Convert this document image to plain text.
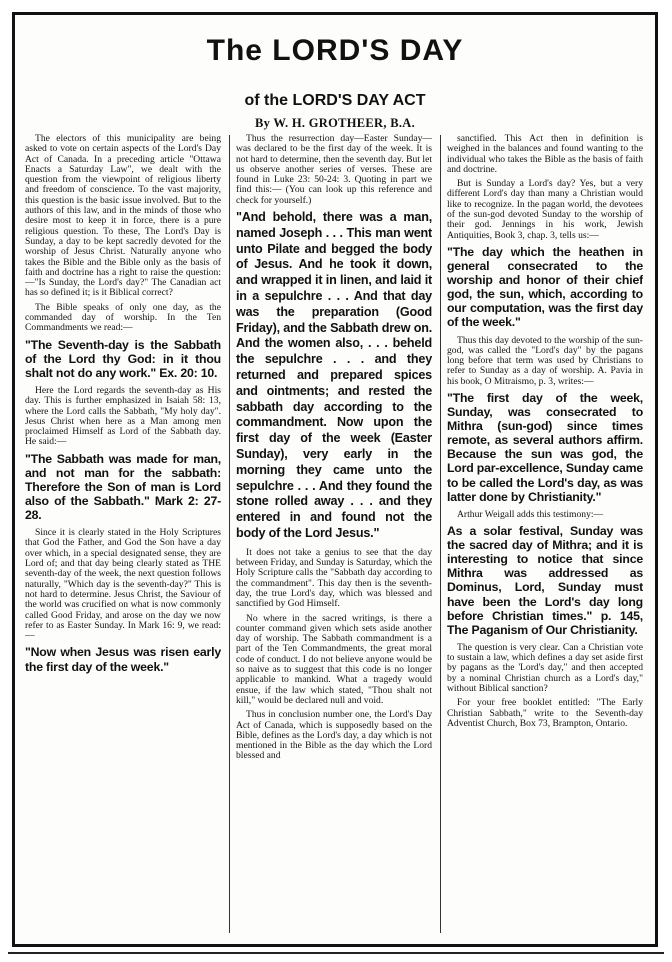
The LORD'S DAY
of the LORD'S DAY ACT
By W. H. GROTHEER, B.A.

The electors of this municipality are being asked to vote on certain aspects of the Lord's Day Act of Canada. In a preceding article "Ottawa Enacts a Saturday Law", we dealt with the question from the viewpoint of religious liberty and freedom of conscience. To the vast majority, this question is the basic issue involved. But to the authors of this law, and in the minds of those who desire most to keep it in force, there is a pure religious question. To these, The Lord's Day is Sunday, a day to be kept sacredly devoted for the worship of Jesus Christ. Naturally anyone who takes the Bible and the Bible only as the basis of faith and doctrine has a right to raise the question:—"Is Sunday, the Lord's day?" The Canadian act has so defined it; is it Biblical correct?

The Bible speaks of only one day, as the commanded day of worship. In the Ten Commandments we read:—

"The Seventh-day is the Sabbath of the Lord thy God: in it thou shalt not do any work." Ex. 20: 10.

Here the Lord regards the seventh-day as His day. This is further emphasized in Isaiah 58: 13, where the Lord calls the Sabbath, "My holy day". Jesus Christ when here as a Man among men proclaimed Himself as Lord of the Sabbath day. He said:—

"The Sabbath was made for man, and not man for the sabbath: Therefore the Son of man is Lord also of the Sabbath." Mark 2: 27-28.

Since it is clearly stated in the Holy Scriptures that God the Father, and God the Son have a day over which, in a special designated sense, they are Lord of; and that day being clearly stated as THE seventh-day of the week, the next question follows naturally, "Which day is the seventh-day?" This is not hard to determine. Jesus Christ, the Saviour of the world was crucified on what is now commonly called Good Friday, and arose on the day we now refer to as Easter Sunday. In Mark 16: 9, we read:—

"Now when Jesus was risen early the first day of the week."

Thus the resurrection day—Easter Sunday—was declared to be the first day of the week. It is not hard to determine, then the seventh day. But let us observe another series of verses. These are found in Luke 23: 50-24: 3. Quoting in part we find this:— (You can look up this reference and check for yourself.)

"And behold, there was a man, named Joseph . . . This man went unto Pilate and begged the body of Jesus. And he took it down, and wrapped it in linen, and laid it in a sepulchre . . . And that day was the preparation (Good Friday), and the Sabbath drew on. And the women also, . . . beheld the sepulchre . . . and they returned and prepared spices and ointments; and rested the sabbath day according to the commandment. Now upon the first day of the week (Easter Sunday), very early in the morning they came unto the sepulchre . . . And they found the stone rolled away . . . and they entered in and found not the body of the Lord Jesus."

It does not take a genius to see that the day between Friday, and Sunday is Saturday, which the Holy Scripture calls the "Sabbath day according to the commandment". This day then is the seventh-day, the true Lord's day, which was blessed and sanctified by God Himself.

No where in the sacred writings, is there a counter command given which sets aside another day of worship. The Sabbath commandment is a part of the Ten Commandments, the great moral code of conduct. I do not believe anyone would be so naive as to suggest that this code is no longer applicable to mankind. What a tragedy would ensue, if the law which stated, "Thou shalt not kill," would be declared null and void.

Thus in conclusion number one, the Lord's Day Act of Canada, which is supposedly based on the Bible, defines as the Lord's day, a day which is not mentioned in the Bible as the day which the Lord blessed and

sanctified. This Act then in definition is weighed in the balances and found wanting to the individual who takes the Bible as the basis of faith and doctrine.

But is Sunday a Lord's day? Yes, but a very different Lord's day than many a Christian would like to recognize. In the pagan world, the devotees of the sun-god devoted Sunday to the worship of their god. Jennings in his work, Jewish Antiquities, Book 3, chap. 3, tells us:—

"The day which the heathen in general consecrated to the worship and honor of their chief god, the sun, which, according to our computation, was the first day of the week."

Thus this day devoted to the worship of the sun-god, was called the "Lord's day" by the pagans long before that term was used by Christians to refer to Sunday as a day of worship. A. Pavia in his book, O Mitraismo, p. 3, writes:—

"The first day of the week, Sunday, was consecrated to Mithra (sun-god) since times remote, as several authors affirm. Because the sun was god, the Lord par-excellence, Sunday came to be called the Lord's day, as was latter done by Christianity."

Arthur Weigall adds this testimony:—

As a solar festival, Sunday was the sacred day of Mithra; and it is interesting to notice that since Mithra was addressed as Dominus, Lord, Sunday must have been the Lord's day long before Christian times." p. 145, The Paganism of Our Christianity.

The question is very clear. Can a Christian vote to sustain a law, which defines a day set aside first by pagans as the 'Lord's day," and then accepted by a nominal Christian church as a Lord's day," without Biblical sanction?

For your free booklet entitled: "The Early Christian Sabbath," write to the Seventh-day Adventist Church, Box 73, Brampton, Ontario.
